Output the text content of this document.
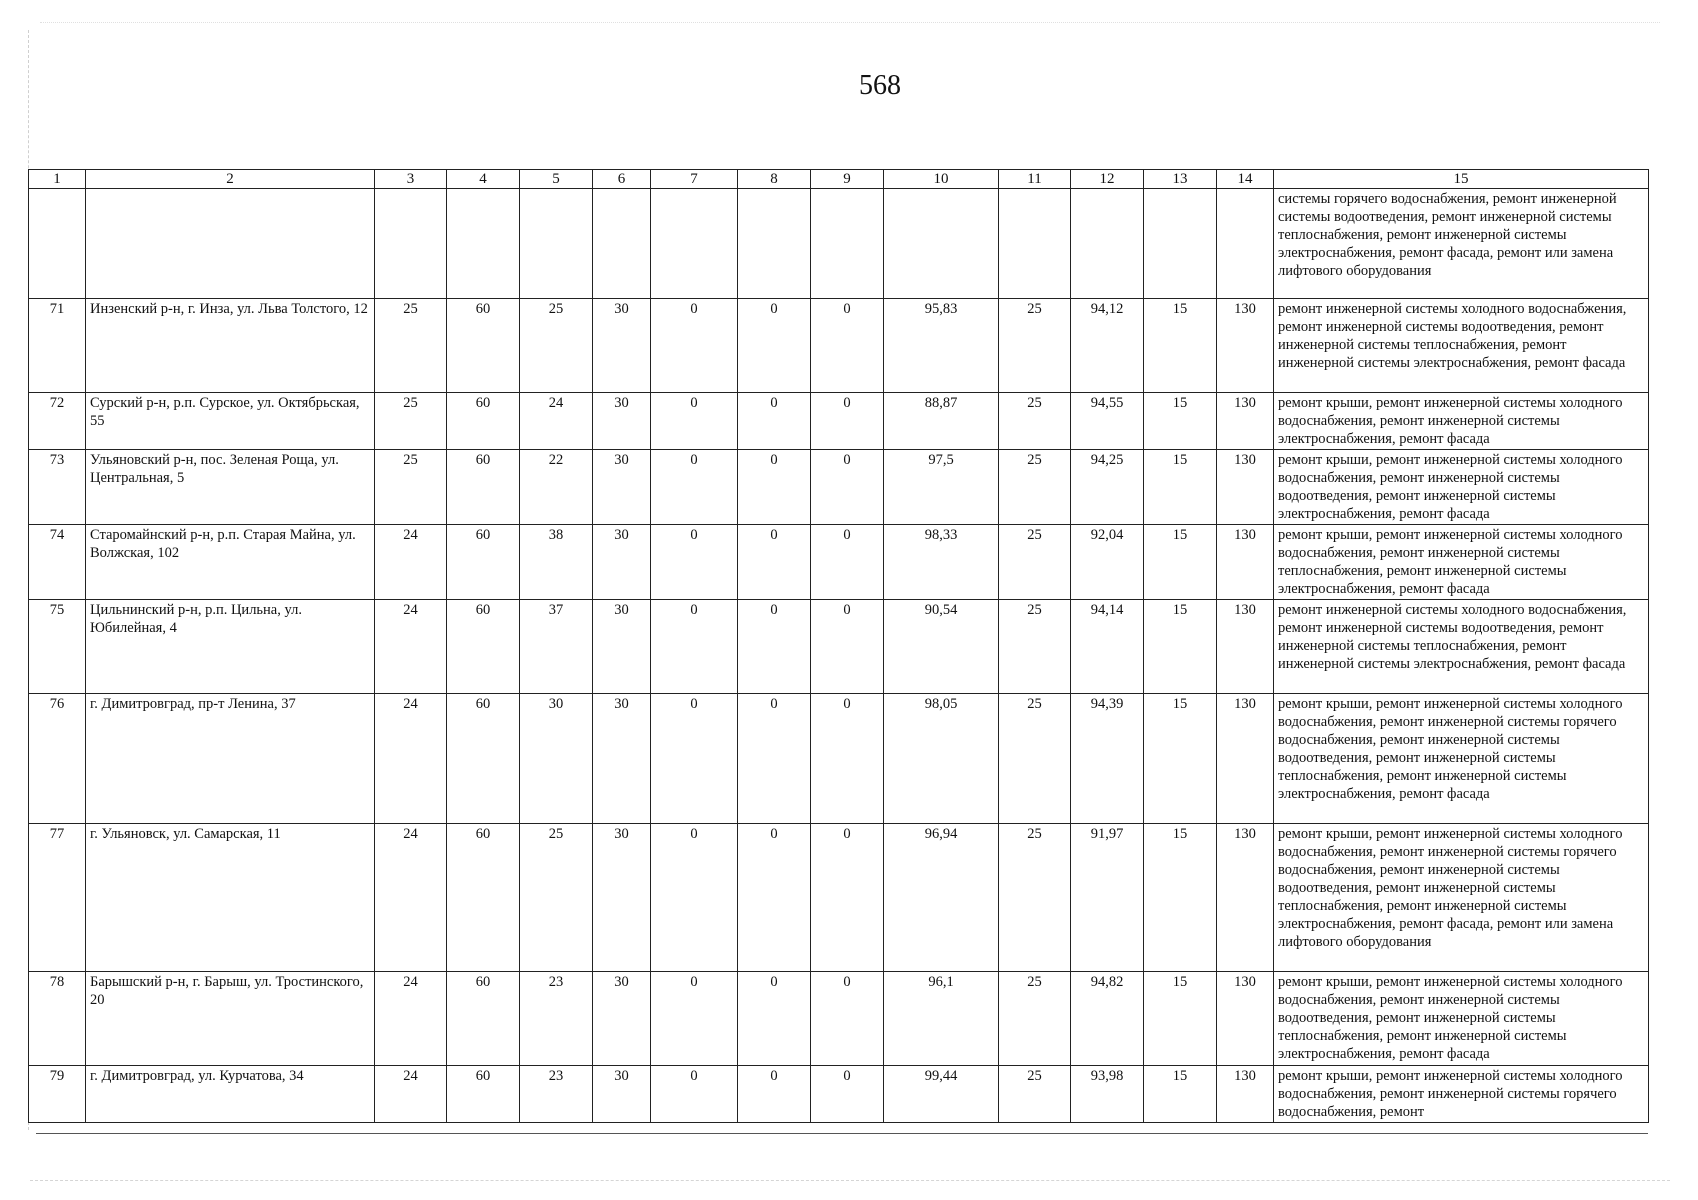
568
1	2	3	4	5	6	7	8	9	10	11	12	13	14	15
														системы горячего водоснабжения, ремонт инженерной системы водоотведения, ремонт инженерной системы теплоснабжения, ремонт инженерной системы электроснабжения, ремонт фасада, ремонт или замена лифтового оборудования
71	Инзенский р-н, г. Инза, ул. Льва Толстого, 12	25	60	25	30	0	0	0	95,83	25	94,12	15	130	ремонт инженерной системы холодного водоснабжения, ремонт инженерной системы водоотведения, ремонт инженерной системы теплоснабжения, ремонт инженерной системы электроснабжения, ремонт фасада
72	Сурский р-н, р.п. Сурское, ул. Октябрьская, 55	25	60	24	30	0	0	0	88,87	25	94,55	15	130	ремонт крыши, ремонт инженерной системы холодного водоснабжения, ремонт инженерной системы электроснабжения, ремонт фасада
73	Ульяновский р-н, пос. Зеленая Роща, ул. Центральная, 5	25	60	22	30	0	0	0	97,5	25	94,25	15	130	ремонт крыши, ремонт инженерной системы холодного водоснабжения, ремонт инженерной системы водоотведения, ремонт инженерной системы электроснабжения, ремонт фасада
74	Старомайнский р-н, р.п. Старая Майна, ул. Волжская, 102	24	60	38	30	0	0	0	98,33	25	92,04	15	130	ремонт крыши, ремонт инженерной системы холодного водоснабжения, ремонт инженерной системы теплоснабжения, ремонт инженерной системы электроснабжения, ремонт фасада
75	Цильнинский р-н, р.п. Цильна, ул. Юбилейная, 4	24	60	37	30	0	0	0	90,54	25	94,14	15	130	ремонт инженерной системы холодного водоснабжения, ремонт инженерной системы водоотведения, ремонт инженерной системы теплоснабжения, ремонт инженерной системы электроснабжения, ремонт фасада
76	г. Димитровград, пр-т Ленина, 37	24	60	30	30	0	0	0	98,05	25	94,39	15	130	ремонт крыши, ремонт инженерной системы холодного водоснабжения, ремонт инженерной системы горячего водоснабжения, ремонт инженерной системы водоотведения, ремонт инженерной системы теплоснабжения, ремонт инженерной системы электроснабжения, ремонт фасада
77	г. Ульяновск, ул. Самарская, 11	24	60	25	30	0	0	0	96,94	25	91,97	15	130	ремонт крыши, ремонт инженерной системы холодного водоснабжения, ремонт инженерной системы горячего водоснабжения, ремонт инженерной системы водоотведения, ремонт инженерной системы теплоснабжения, ремонт инженерной системы электроснабжения, ремонт фасада, ремонт или замена лифтового оборудования
78	Барышский р-н, г. Барыш, ул. Тростинского, 20	24	60	23	30	0	0	0	96,1	25	94,82	15	130	ремонт крыши, ремонт инженерной системы холодного водоснабжения, ремонт инженерной системы водоотведения, ремонт инженерной системы теплоснабжения, ремонт инженерной системы электроснабжения, ремонт фасада
79	г. Димитровград, ул. Курчатова, 34	24	60	23	30	0	0	0	99,44	25	93,98	15	130	ремонт крыши, ремонт инженерной системы холодного водоснабжения, ремонт инженерной системы горячего водоснабжения, ремонт
